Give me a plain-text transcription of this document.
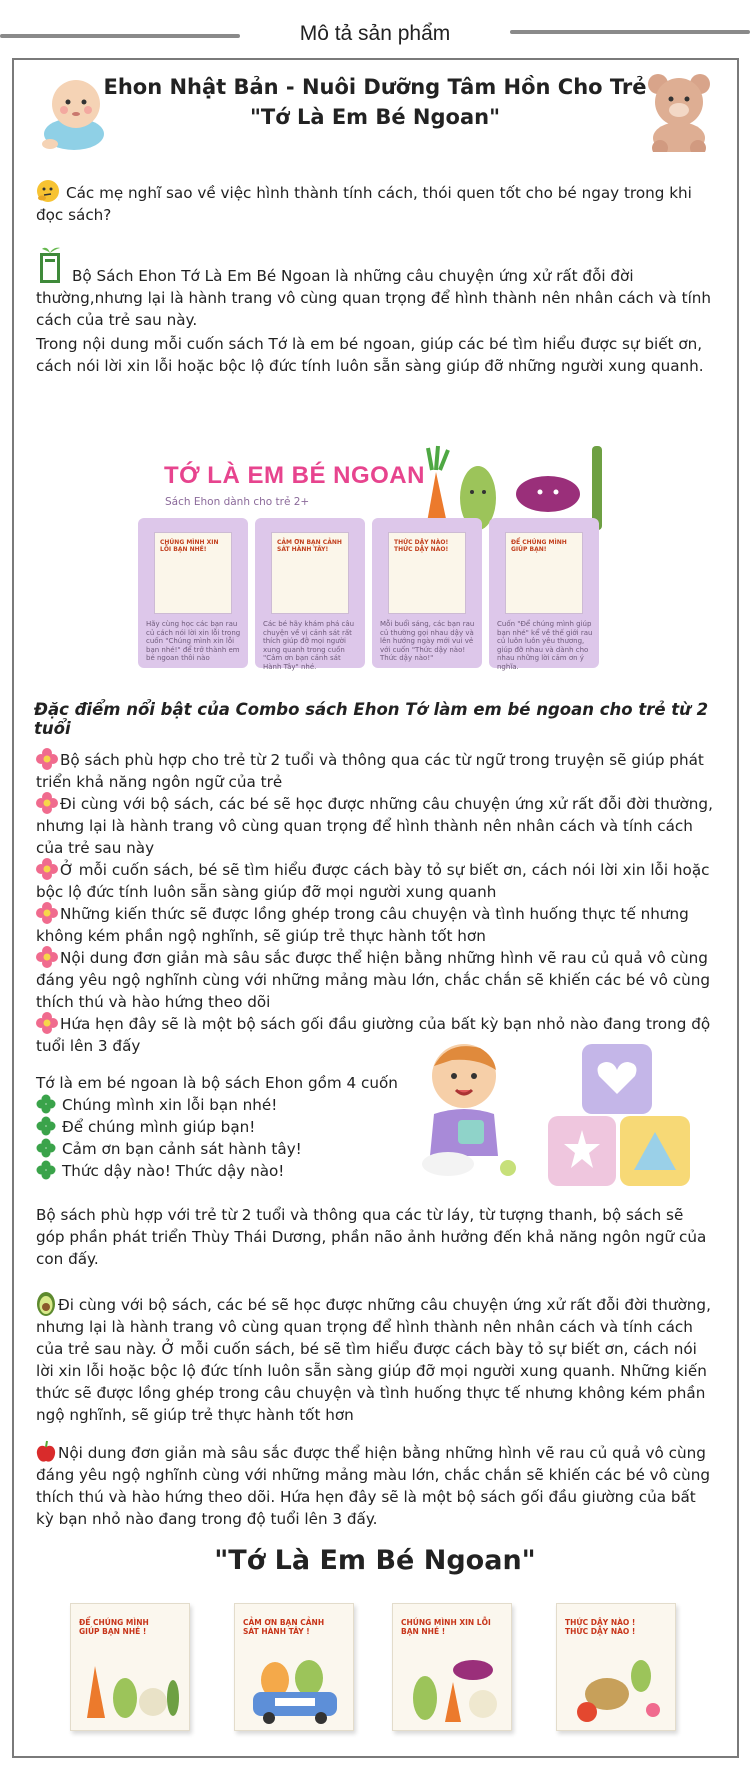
Mô tả sản phẩm
Ehon Nhật Bản - Nuôi Dưỡng Tâm Hồn Cho Trẻ
"Tớ Là Em Bé Ngoan"
Các mẹ nghĩ sao về việc hình thành tính cách, thói quen tốt cho bé ngay trong khi đọc sách?
Bộ Sách Ehon Tớ Là Em Bé Ngoan là những câu chuyện ứng xử rất đỗi đời thường,nhưng lại là hành trang vô cùng quan trọng để hình thành nên nhân cách và tính cách của trẻ sau này.
Trong nội dung mỗi cuốn sách Tớ là em bé ngoan, giúp các bé tìm hiểu được sự biết ơn, cách nói lời xin lỗi hoặc bộc lộ đức tính luôn sẵn sàng giúp đỡ những người xung quanh.
TỚ LÀ EM BÉ NGOAN
Sách Ehon dành cho trẻ 2+
CHÚNG MÌNH XIN LỖI BẠN NHÉ!
Hãy cùng học các bạn rau củ cách nói lời xin lỗi trong cuốn "Chúng mình xin lỗi bạn nhé!" để trở thành em bé ngoan thôi nào
CẢM ƠN BẠN CẢNH SÁT HÀNH TÂY!
Các bé hãy khám phá câu chuyện về vị cảnh sát rất thích giúp đỡ mọi người xung quanh trong cuốn "Cảm ơn bạn cảnh sát Hành Tây" nhé.
THỨC DẬY NÀO! THỨC DẬY NÀO!
Mỗi buổi sáng, các bạn rau củ thường gọi nhau dậy và lên hướng ngày mới vui vẻ với cuốn "Thức dậy nào! Thức dậy nào!"
ĐỂ CHÚNG MÌNH GIÚP BẠN!
Cuốn "Để chúng mình giúp bạn nhé" kể về thế giới rau củ luôn luôn yêu thương, giúp đỡ nhau và dành cho nhau những lời cảm ơn ý nghĩa.
Đặc điểm nổi bật của Combo sách Ehon Tớ làm em bé ngoan cho trẻ từ 2 tuổi
Bộ sách phù hợp cho trẻ từ 2 tuổi và thông qua các từ ngữ trong truyện sẽ giúp phát triển khả năng ngôn ngữ của trẻ
Đi cùng với bộ sách, các bé sẽ học được những câu chuyện ứng xử rất đỗi đời thường, nhưng lại là hành trang vô cùng quan trọng để hình thành nên nhân cách và tính cách của trẻ sau này
Ở mỗi cuốn sách, bé sẽ tìm hiểu được cách bày tỏ sự biết ơn, cách nói lời xin lỗi hoặc bộc lộ đức tính luôn sẵn sàng giúp đỡ mọi người xung quanh
Những kiến thức sẽ được lồng ghép trong câu chuyện và tình huống thực tế nhưng không kém phần ngộ nghĩnh, sẽ giúp trẻ thực hành tốt hơn
Nội dung đơn giản mà sâu sắc được thể hiện bằng những hình vẽ rau củ quả vô cùng đáng yêu ngộ nghĩnh cùng với những mảng màu lớn, chắc chắn sẽ khiến các bé vô cùng thích thú và hào hứng theo dõi
Hứa hẹn đây sẽ là một bộ sách gối đầu giường của bất kỳ bạn nhỏ nào đang trong độ tuổi lên 3 đấy
Tớ là em bé ngoan là bộ sách Ehon gồm 4 cuốn
Chúng mình xin lỗi bạn nhé!
Để chúng mình giúp bạn!
Cảm ơn bạn cảnh sát hành tây!
Thức dậy nào! Thức dậy nào!
Bộ sách phù hợp với trẻ từ 2 tuổi và thông qua các từ láy, từ tượng thanh, bộ sách sẽ góp phần phát triển Thùy Thái Dương, phần não ảnh hưởng đến khả năng ngôn ngữ của con đấy.
Đi cùng với bộ sách, các bé sẽ học được những câu chuyện ứng xử rất đỗi đời thường, nhưng lại là hành trang vô cùng quan trọng để hình thành nên nhân cách và tính cách của trẻ sau này. Ở mỗi cuốn sách, bé sẽ tìm hiểu được cách bày tỏ sự biết ơn, cách nói lời xin lỗi hoặc bộc lộ đức tính luôn sẵn sàng giúp đỡ mọi người xung quanh. Những kiến thức sẽ được lồng ghép trong câu chuyện và tình huống thực tế nhưng không kém phần ngộ nghĩnh, sẽ giúp trẻ thực hành tốt hơn
Nội dung đơn giản mà sâu sắc được thể hiện bằng những hình vẽ rau củ quả vô cùng đáng yêu ngộ nghĩnh cùng với những mảng màu lớn, chắc chắn sẽ khiến các bé vô cùng thích thú và hào hứng theo dõi. Hứa hẹn đây sẽ là một bộ sách gối đầu giường của bất kỳ bạn nhỏ nào đang trong độ tuổi lên 3 đấy.
"Tớ Là Em Bé Ngoan"
ĐỂ CHÚNG MÌNH GIÚP BẠN NHÉ !
CẢM ƠN BẠN CẢNH SÁT HÀNH TÂY !
CHÚNG MÌNH XIN LỖI BẠN NHÉ !
THỨC DẬY NÀO ! THỨC DẬY NÀO !
